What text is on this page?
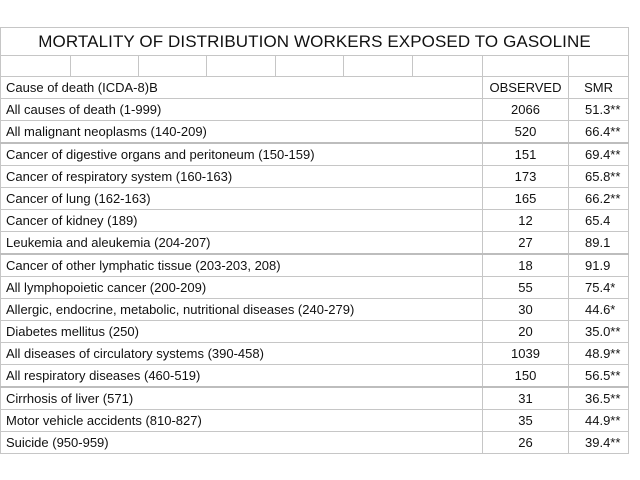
MORTALITY OF DISTRIBUTION WORKERS EXPOSED TO GASOLINE								

Cause of death (ICDA-8)B							OBSERVED	SMR
All causes of death (1-999)							2066	51.3**
All malignant neoplasms (140-209)							520	66.4**
Cancer of digestive organs and peritoneum (150-159)							151	69.4**
Cancer of respiratory system (160-163)							173	65.8**
Cancer of lung (162-163)							165	66.2**
Cancer of kidney (189)							12	65.4
Leukemia and aleukemia (204-207)							27	89.1
Cancer of other lymphatic tissue (203-203, 208)							18	91.9
All lymphopoietic cancer (200-209)							55	75.4*
Allergic, endocrine, metabolic, nutritional diseases (240-279)							30	44.6*
Diabetes mellitus (250)							20	35.0**
All diseases of circulatory systems (390-458)							1039	48.9**
All respiratory diseases (460-519)							150	56.5**
Cirrhosis of liver (571)							31	36.5**
Motor vehicle accidents (810-827)							35	44.9**
Suicide (950-959)							26	39.4**
